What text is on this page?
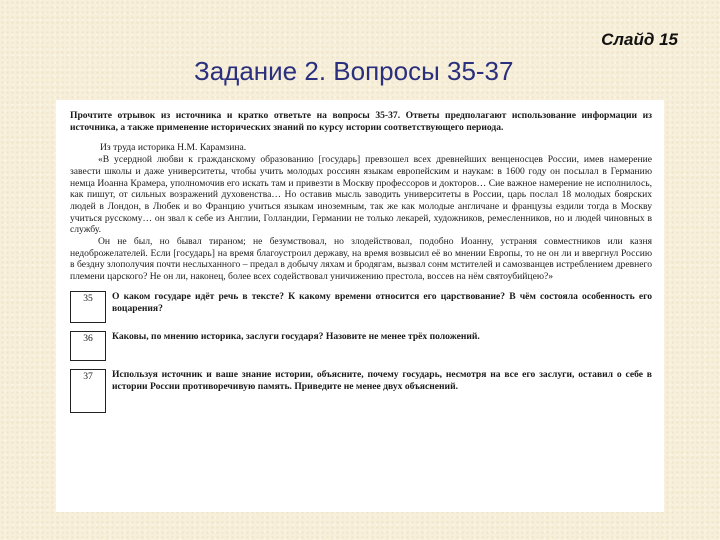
Слайд 15
Задание 2. Вопросы 35-37

Прочтите отрывок из источника и кратко ответьте на вопросы 35-37. Ответы предполагают использование информации из источника, а также применение исторических знаний по курсу истории соответствующего периода.

Из труда историка Н.М. Карамзина.

«В усердной любви к гражданскому образованию [государь] превзошел всех древнейших венценосцев России, имев намерение завести школы и даже университеты, чтобы учить молодых россиян языкам европейским и наукам: в 1600 году он посылал в Германию немца Иоанна Крамера, уполномочив его искать там и привезти в Москву профессоров и докторов… Сие важное намерение не исполнилось, как пишут, от сильных возражений духовенства… Но оставив мысль заводить университеты в России, царь послал 18 молодых боярских людей в Лондон, в Любек и во Францию учиться языкам иноземным, так же как молодые англичане и французы ездили тогда в Москву учиться русскому… он звал к себе из Англии, Голландии, Германии не только лекарей, художников, ремесленников, но и людей чиновных в службу.

Он не был, но бывал тираном; не безумствовал, но злодействовал, подобно Иоанну, устраняя совместников или казня недоброжелателей. Если [государь] на время благоустроил державу, на время возвысил её во мнении Европы, то не он ли и ввергнул Россию в бездну злополучия почти неслыханного – предал в добычу ляхам и бродягам, вызвал сонм мстителей и самозванцев истреблением древнего племени царского? Не он ли, наконец, более всех содействовал уничижению престола, воссев на нём святоубийцею?»

35	О каком государе идёт речь в тексте? К какому времени относится его царствование? В чём состояла особенность его воцарения?
36	Каковы, по мнению историка, заслуги государя? Назовите не менее трёх положений.
37	Используя источник и ваше знание истории, объясните, почему государь, несмотря на все его заслуги, оставил о себе в истории России противоречивую память. Приведите не менее двух объяснений.
